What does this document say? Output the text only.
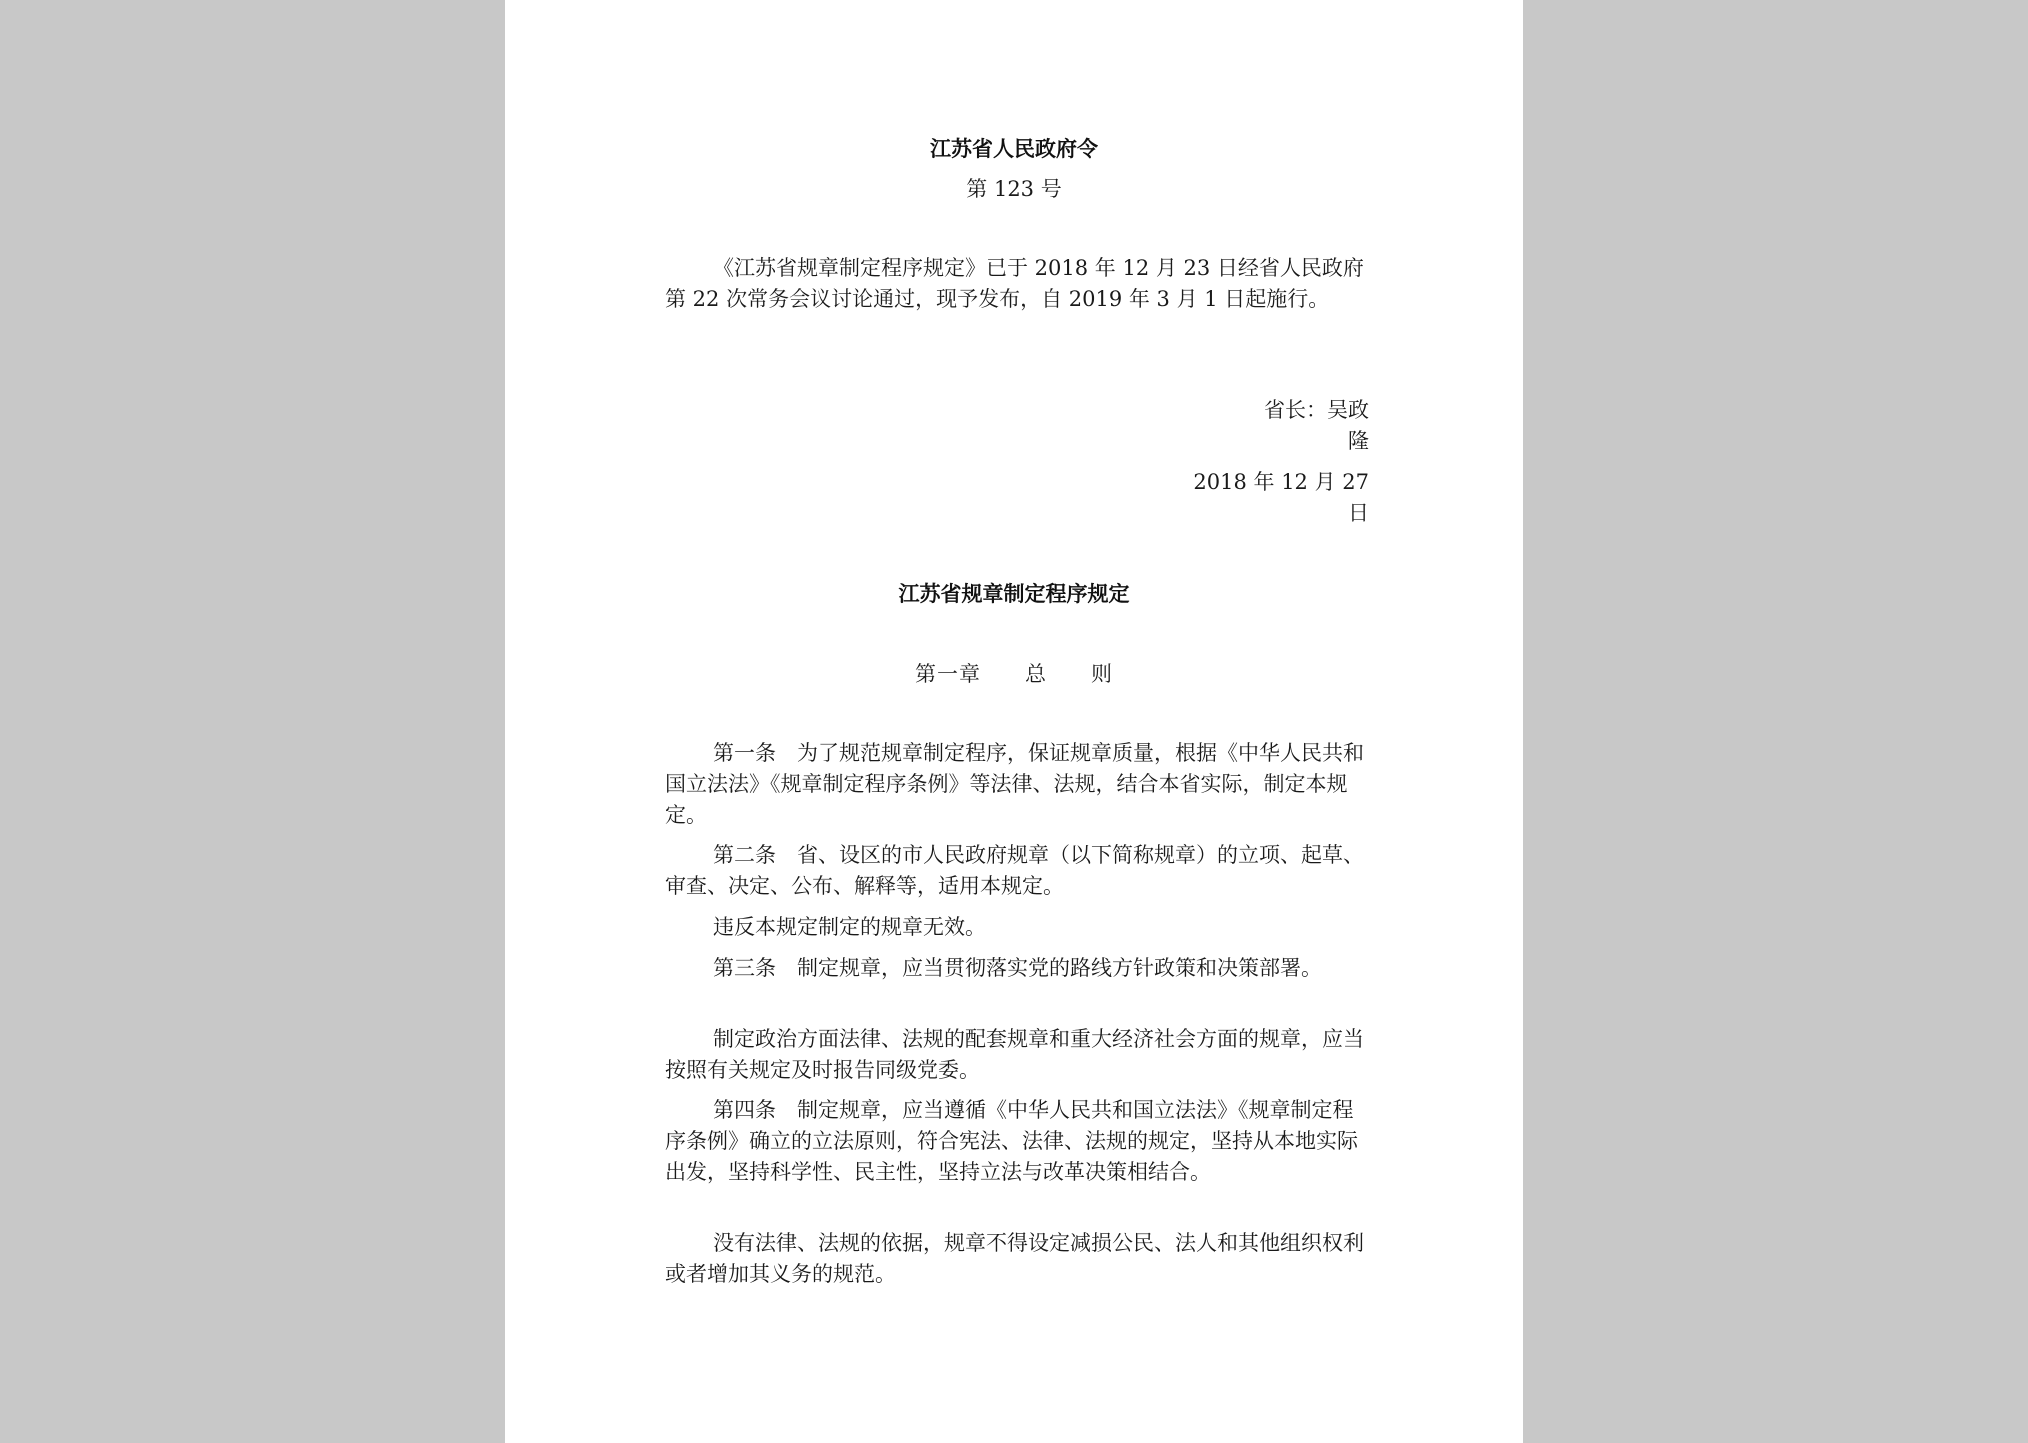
江苏省人民政府令
第 123 号
《江苏省规章制定程序规定》已于 2018 年 12 月 23 日经省人民政府第 22 次常务会议讨论通过，现予发布，自 2019 年 3 月 1 日起施行。
省长：吴政隆
2018 年 12 月 27 日
江苏省规章制定程序规定
第一章　　总　　则
第一条　为了规范规章制定程序，保证规章质量，根据《中华人民共和国立法法》《规章制定程序条例》等法律、法规，结合本省实际，制定本规定。
第二条　省、设区的市人民政府规章（以下简称规章）的立项、起草、审查、决定、公布、解释等，适用本规定。
违反本规定制定的规章无效。
第三条　制定规章，应当贯彻落实党的路线方针政策和决策部署。
制定政治方面法律、法规的配套规章和重大经济社会方面的规章，应当按照有关规定及时报告同级党委。
第四条　制定规章，应当遵循《中华人民共和国立法法》《规章制定程序条例》确立的立法原则，符合宪法、法律、法规的规定，坚持从本地实际出发，坚持科学性、民主性，坚持立法与改革决策相结合。
没有法律、法规的依据，规章不得设定减损公民、法人和其他组织权利或者增加其义务的规范。
